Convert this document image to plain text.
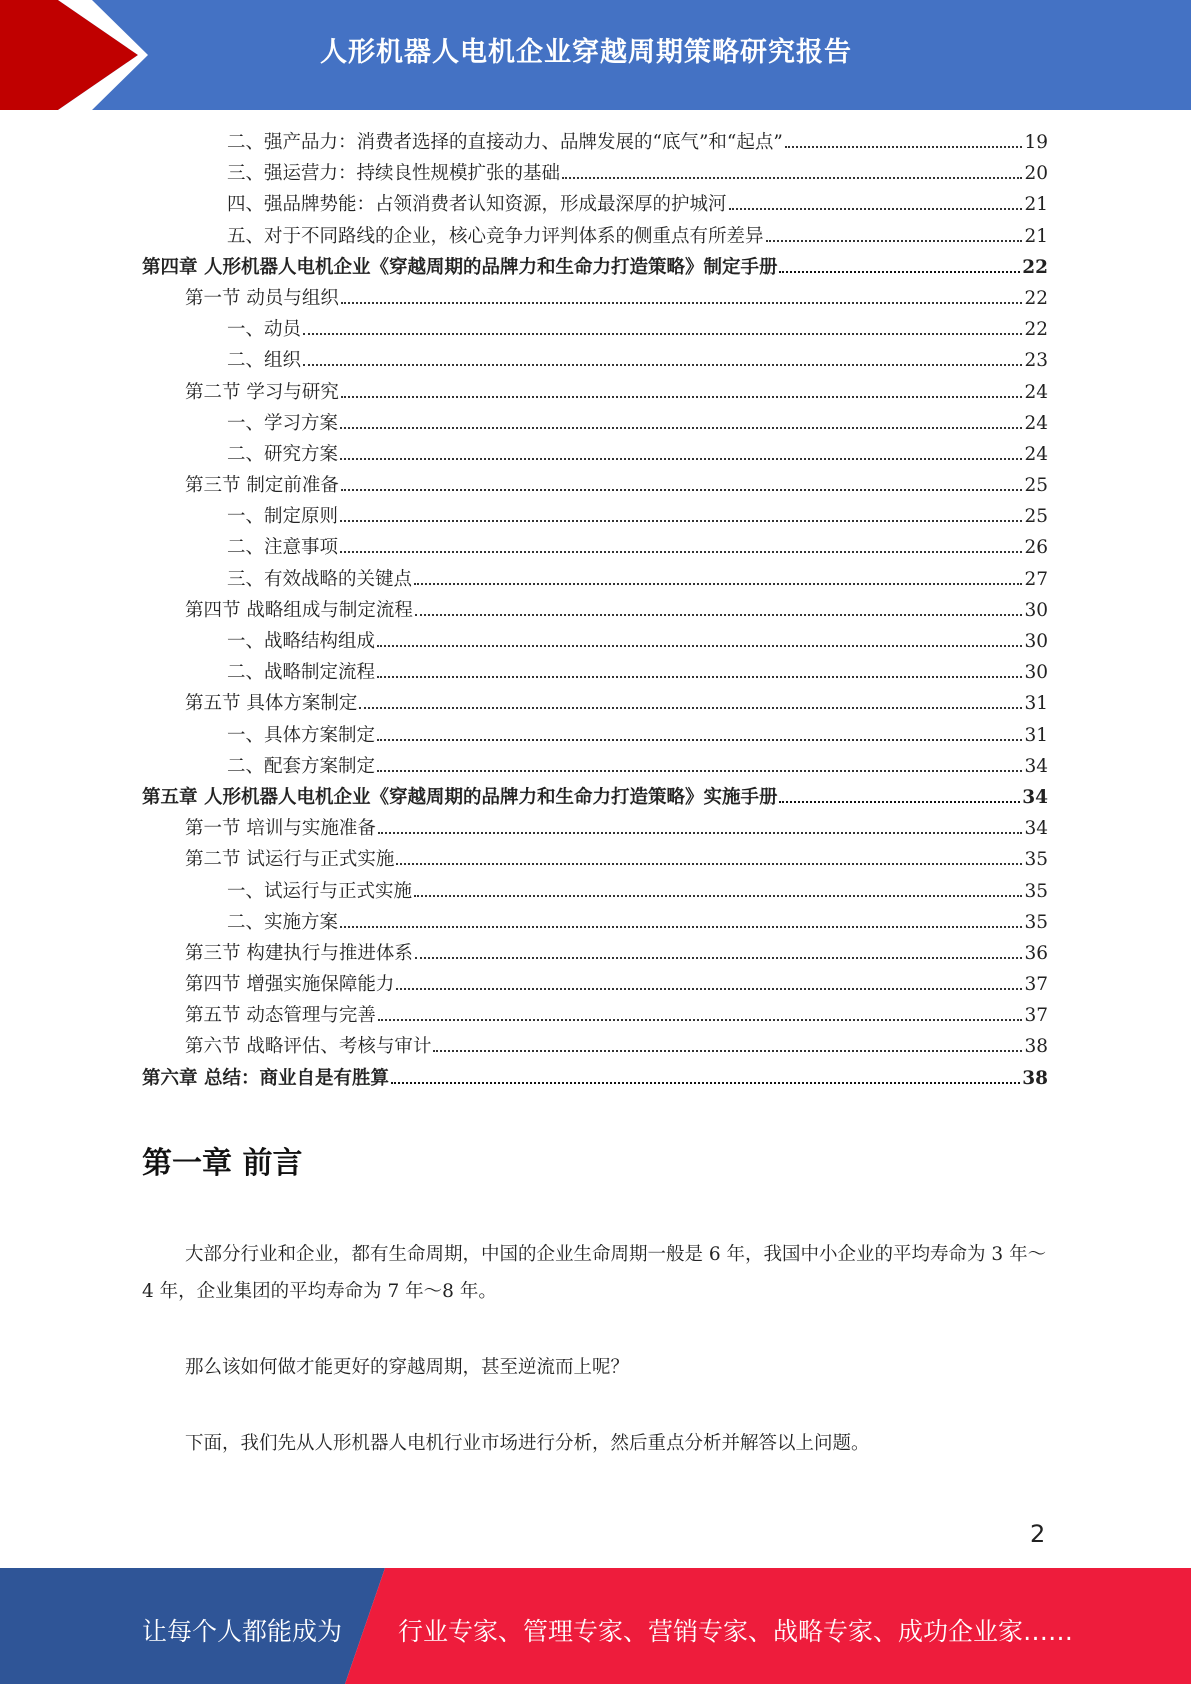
人形机器人电机企业穿越周期策略研究报告
二、强产品力：消费者选择的直接动力、品牌发展的“底气”和“起点”	19
三、强运营力：持续良性规模扩张的基础	20
四、强品牌势能：占领消费者认知资源，形成最深厚的护城河	21
五、对于不同路线的企业，核心竞争力评判体系的侧重点有所差异	21
第四章 人形机器人电机企业《穿越周期的品牌力和生命力打造策略》制定手册	22
第一节 动员与组织	22
一、动员	22
二、组织	23
第二节 学习与研究	24
一、学习方案	24
二、研究方案	24
第三节 制定前准备	25
一、制定原则	25
二、注意事项	26
三、有效战略的关键点	27
第四节 战略组成与制定流程	30
一、战略结构组成	30
二、战略制定流程	30
第五节 具体方案制定	31
一、具体方案制定	31
二、配套方案制定	34
第五章 人形机器人电机企业《穿越周期的品牌力和生命力打造策略》实施手册	34
第一节 培训与实施准备	34
第二节 试运行与正式实施	35
一、试运行与正式实施	35
二、实施方案	35
第三节 构建执行与推进体系	36
第四节 增强实施保障能力	37
第五节 动态管理与完善	37
第六节 战略评估、考核与审计	38
第六章 总结：商业自是有胜算	38
第一章 前言

大部分行业和企业，都有生命周期，中国的企业生命周期一般是 6 年，我国中小企业的平均寿命为 3 年～4 年，企业集团的平均寿命为 7 年～8 年。

那么该如何做才能更好的穿越周期，甚至逆流而上呢？

下面，我们先从人形机器人电机行业市场进行分析，然后重点分析并解答以上问题。

2
让每个人都能成为 行业专家、管理专家、营销专家、战略专家、成功企业家……
